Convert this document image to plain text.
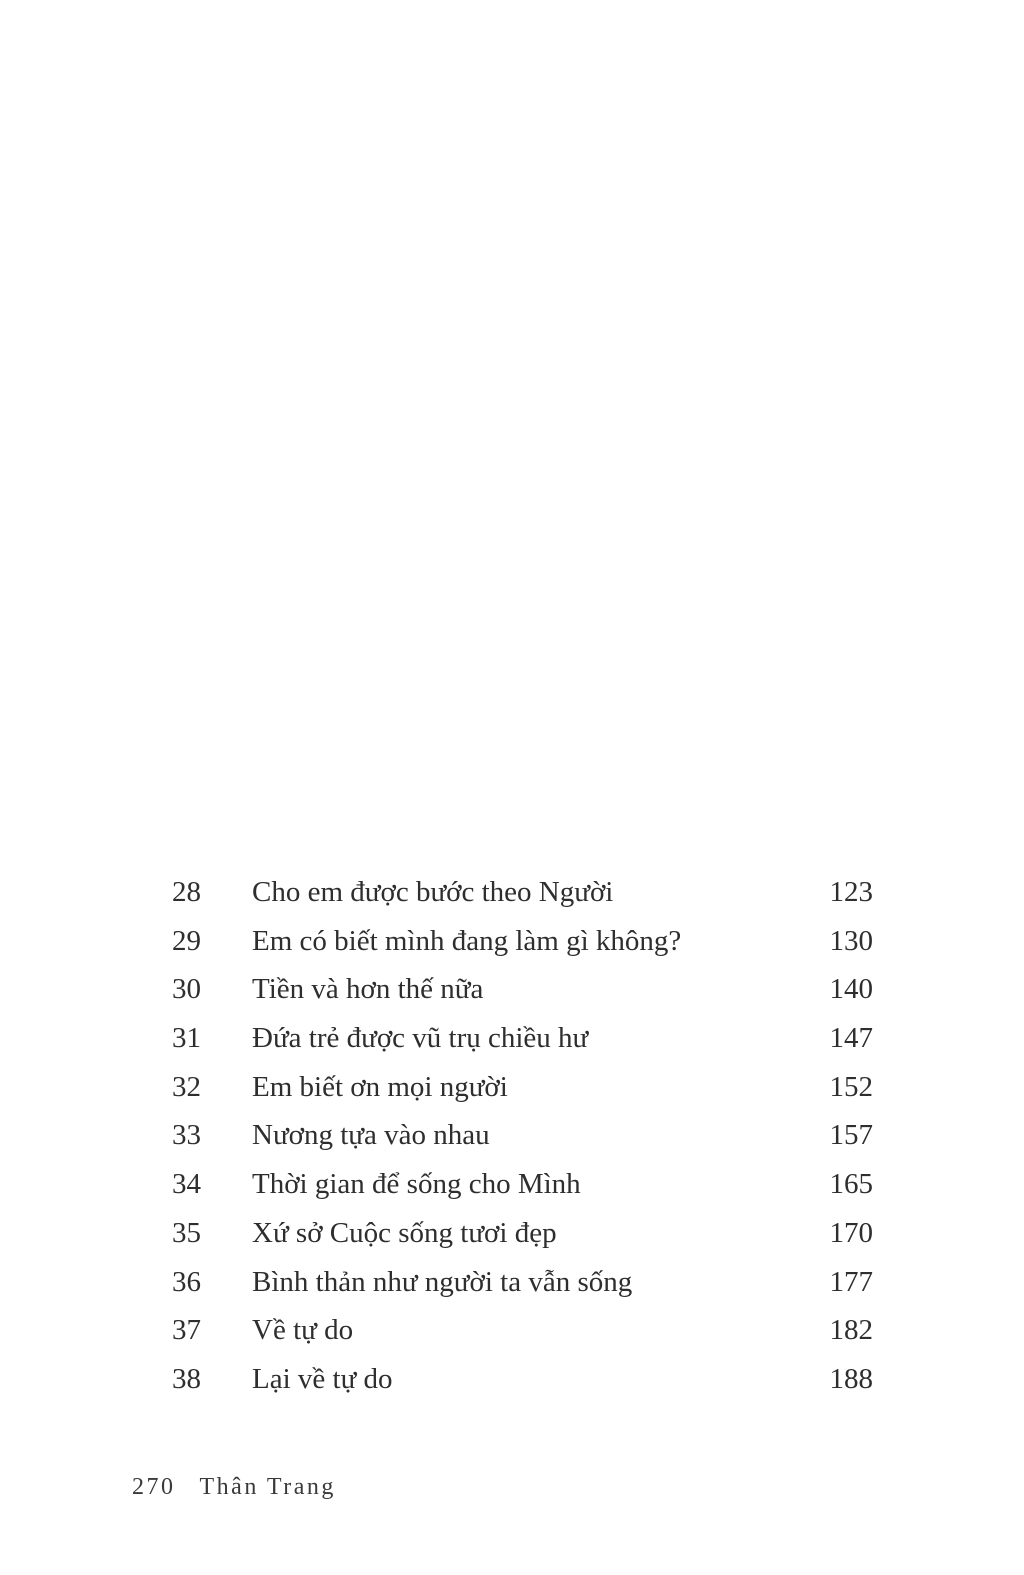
28	Cho em được bước theo Người	123
29	Em có biết mình đang làm gì không?	130
30	Tiền và hơn thế nữa	140
31	Đứa trẻ được vũ trụ chiều hư	147
32	Em biết ơn mọi người	152
33	Nương tựa vào nhau	157
34	Thời gian để sống cho Mình	165
35	Xứ sở Cuộc sống tươi đẹp	170
36	Bình thản như người ta vẫn sống	177
37	Về tự do	182
38	Lại về tự do	188
270 Thân Trang
